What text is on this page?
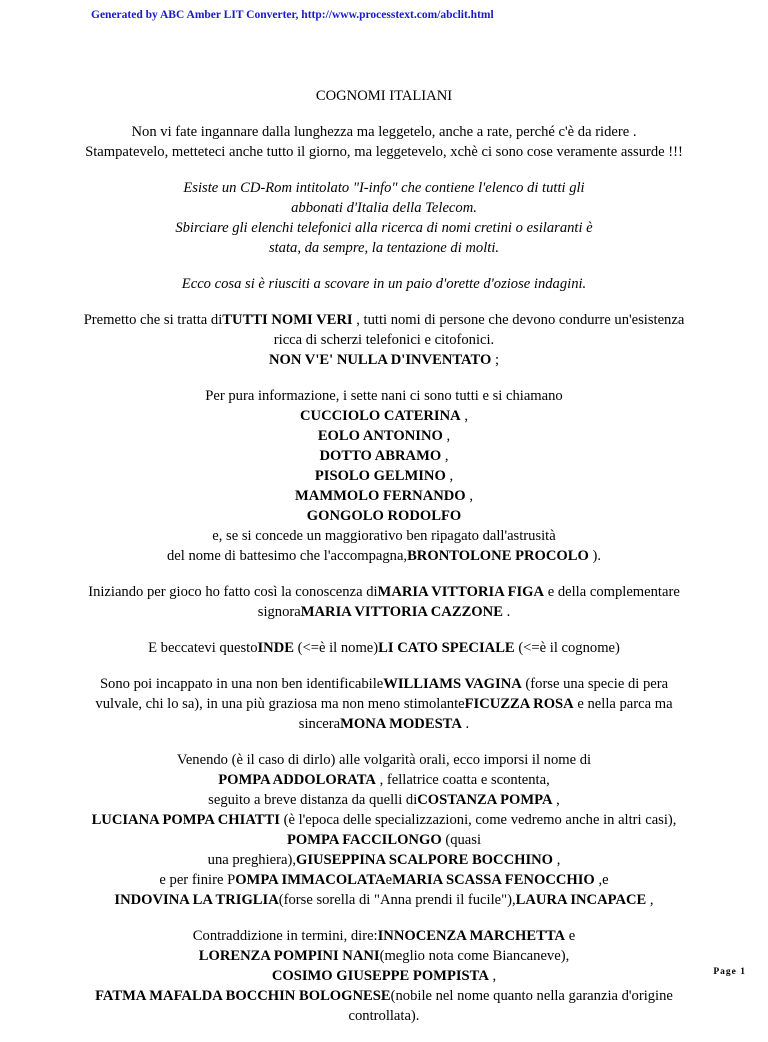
Generated by ABC Amber LIT Converter, http://www.processtext.com/abclit.html

COGNOMI ITALIANI

Non vi fate ingannare dalla lunghezza ma leggetelo, anche a rate, perché c'è da ridere .
Stampatevelo, metteteci anche tutto il giorno, ma leggetevelo, xchè ci sono cose veramente assurde !!!

Esiste un CD-Rom intitolato "I-info" che contiene l'elenco di tutti gli
abbonati d'Italia della Telecom.
Sbirciare gli elenchi telefonici alla ricerca di nomi cretini o esilaranti è
stata, da sempre, la tentazione di molti.

Ecco cosa si è riusciti a scovare in un paio d'orette d'oziose indagini.

Premetto che si tratta diTUTTI NOMI VERI , tutti nomi di persone che devono condurre un'esistenza
ricca di scherzi telefonici e citofonici.
NON V'E' NULLA D'INVENTATO ;

Per pura informazione, i sette nani ci sono tutti e si chiamano
CUCCIOLO CATERINA ,
EOLO ANTONINO ,
DOTTO ABRAMO ,
PISOLO GELMINO ,
MAMMOLO FERNANDO ,
GONGOLO RODOLFO
e, se si concede un maggiorativo ben ripagato dall'astrusità
del nome di battesimo che l'accompagna,BRONTOLONE PROCOLO ).

Iniziando per gioco ho fatto così la conoscenza diMARIA VITTORIA FIGA e della complementare
signoraMARIA VITTORIA CAZZONE .

E beccatevi questoINDE (<=è il nome)LI CATO SPECIALE (<=è il cognome)

Sono poi incappato in una non ben identificabileWILLIAMS VAGINA (forse una specie di pera
vulvale, chi lo sa), in una più graziosa ma non meno stimolanteFICUZZA ROSA e nella parca ma
sinceraMONA MODESTA .

Venendo (è il caso di dirlo) alle volgarità orali, ecco imporsi il nome di
POMPA ADDOLORATA , fellatrice coatta e scontenta,
seguito a breve distanza da quelli diCOSTANZA POMPA ,
LUCIANA POMPA CHIATTI (è l'epoca delle specializzazioni, come vedremo anche in altri casi),
POMPA FACCILONGO (quasi
una preghiera),GIUSEPPINA SCALPORE BOCCHINO ,
e per finire POMPA IMMACOLATAeMARIA SCASSA FENOCCHIO ,e
INDOVINA LA TRIGLIA(forse sorella di "Anna prendi il fucile"),LAURA INCAPACE ,

Contraddizione in termini, dire:INNOCENZA MARCHETTA e
LORENZA POMPINI NANI(meglio nota come Biancaneve),
COSIMO GIUSEPPE POMPISTA ,
FATMA MAFALDA BOCCHIN BOLOGNESE(nobile nel nome quanto nella garanzia d'origine
controllata).

Page 1
